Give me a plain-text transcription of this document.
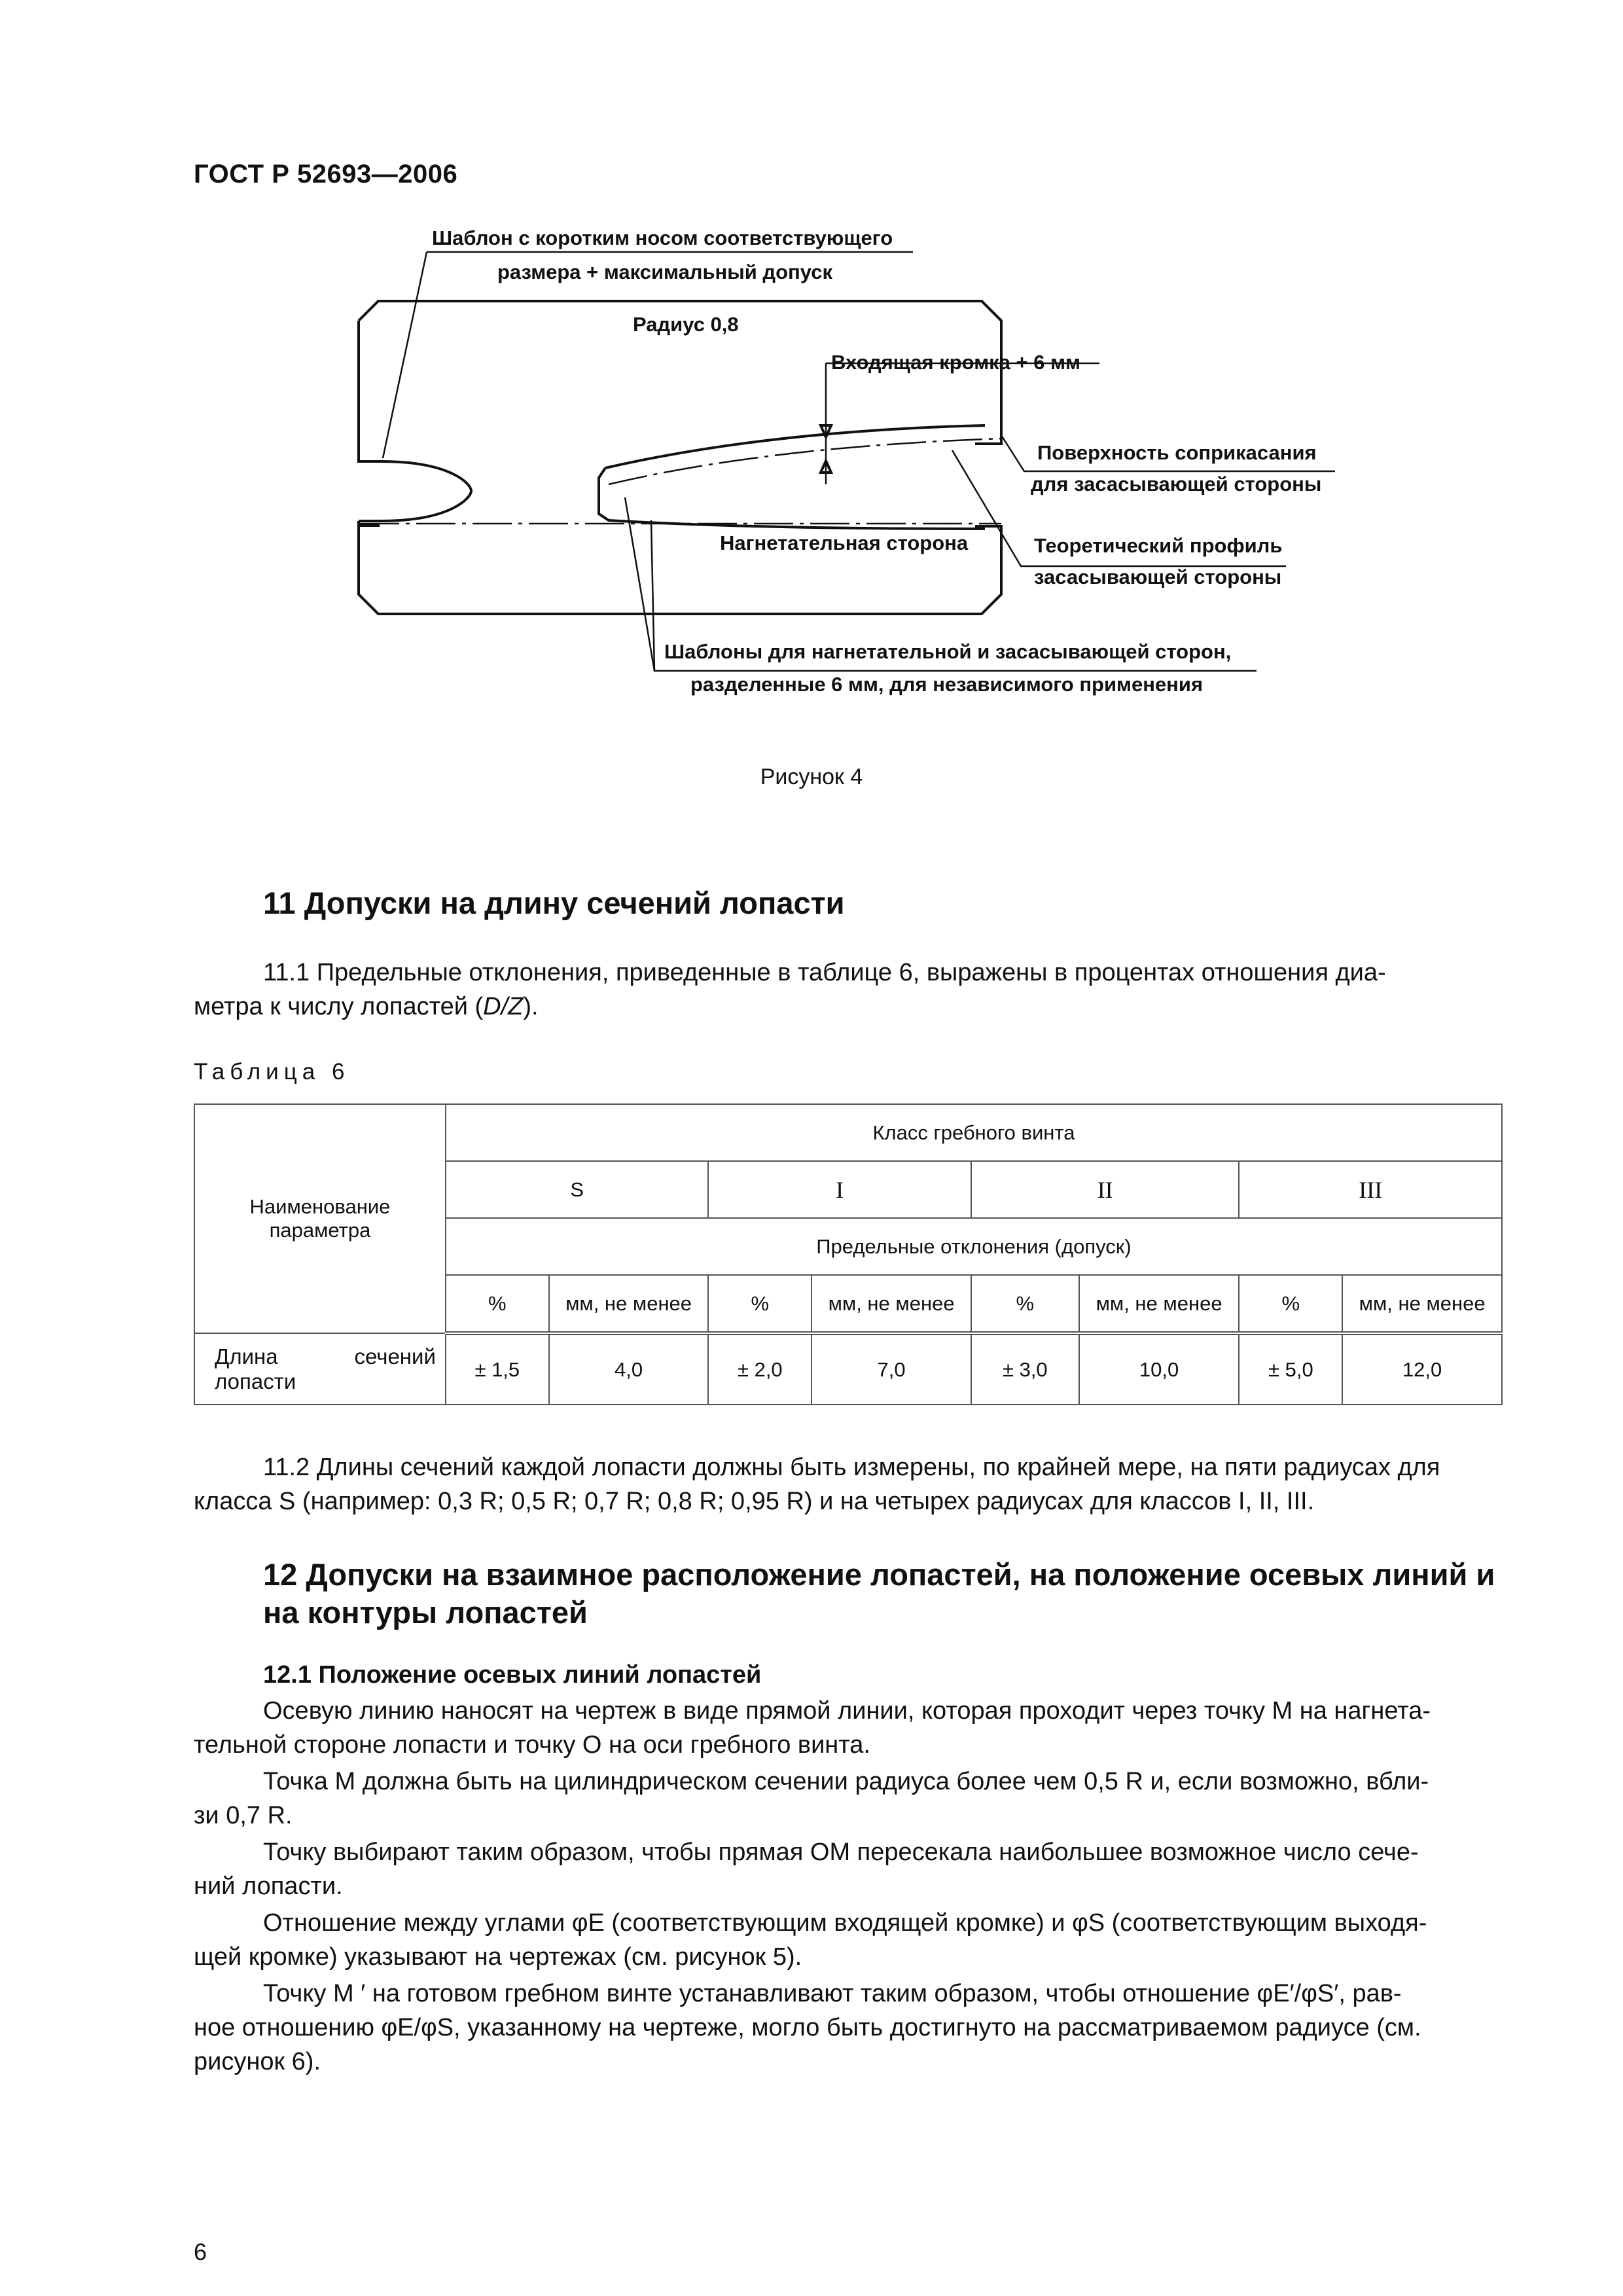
ГОСТ Р 52693—2006
Шаблон с коротким носом соответствующего
размера + максимальный допуск
Радиус 0,8
Входящая кромка + 6 мм
Поверхность соприкасания
для засасывающей стороны
Нагнетательная сторона	Теоретический профиль
засасывающей стороны
Шаблоны для нагнетательной и засасывающей сторон,
разделенные 6 мм, для независимого применения
Рисунок 4
11 Допуски на длину сечений лопасти
11.1 Предельные отклонения, приведенные в таблице 6, выражены в процентах отношения диа-
метра к числу лопастей (D/Z).
Таблица 6
Наименование параметра	Класс гребного винта							
	S		I		II		III	
	Предельные отклонения (допуск)							
	%	мм, не менее	%	мм, не менее	%	мм, не менее	%	мм, не менее
Длина сечений лопасти	± 1,5	4,0	± 2,0	7,0	± 3,0	10,0	± 5,0	12,0
11.2 Длины сечений каждой лопасти должны быть измерены, по крайней мере, на пяти радиусах для
класса S (например: 0,3 R; 0,5 R; 0,7 R; 0,8 R; 0,95 R) и на четырех радиусах для классов I, II, III.
12 Допуски на взаимное расположение лопастей, на положение осевых линий и
на контуры лопастей
12.1 Положение осевых линий лопастей
Осевую линию наносят на чертеж в виде прямой линии, которая проходит через точку M на нагнета-
тельной стороне лопасти и точку O на оси гребного винта.
Точка M должна быть на цилиндрическом сечении радиуса более чем 0,5 R и, если возможно, вбли-
зи 0,7 R.
Точку выбирают таким образом, чтобы прямая OM пересекала наибольшее возможное число сече-
ний лопасти.
Отношение между углами φE (соответствующим входящей кромке) и φS (соответствующим выходя-
щей кромке) указывают на чертежах (см. рисунок 5).
Точку M ′ на готовом гребном винте устанавливают таким образом, чтобы отношение φE′/φS′, рав-
ное отношению φE/φS, указанному на чертеже, могло быть достигнуто на рассматриваемом радиусе (см.
рисунок 6).
6
